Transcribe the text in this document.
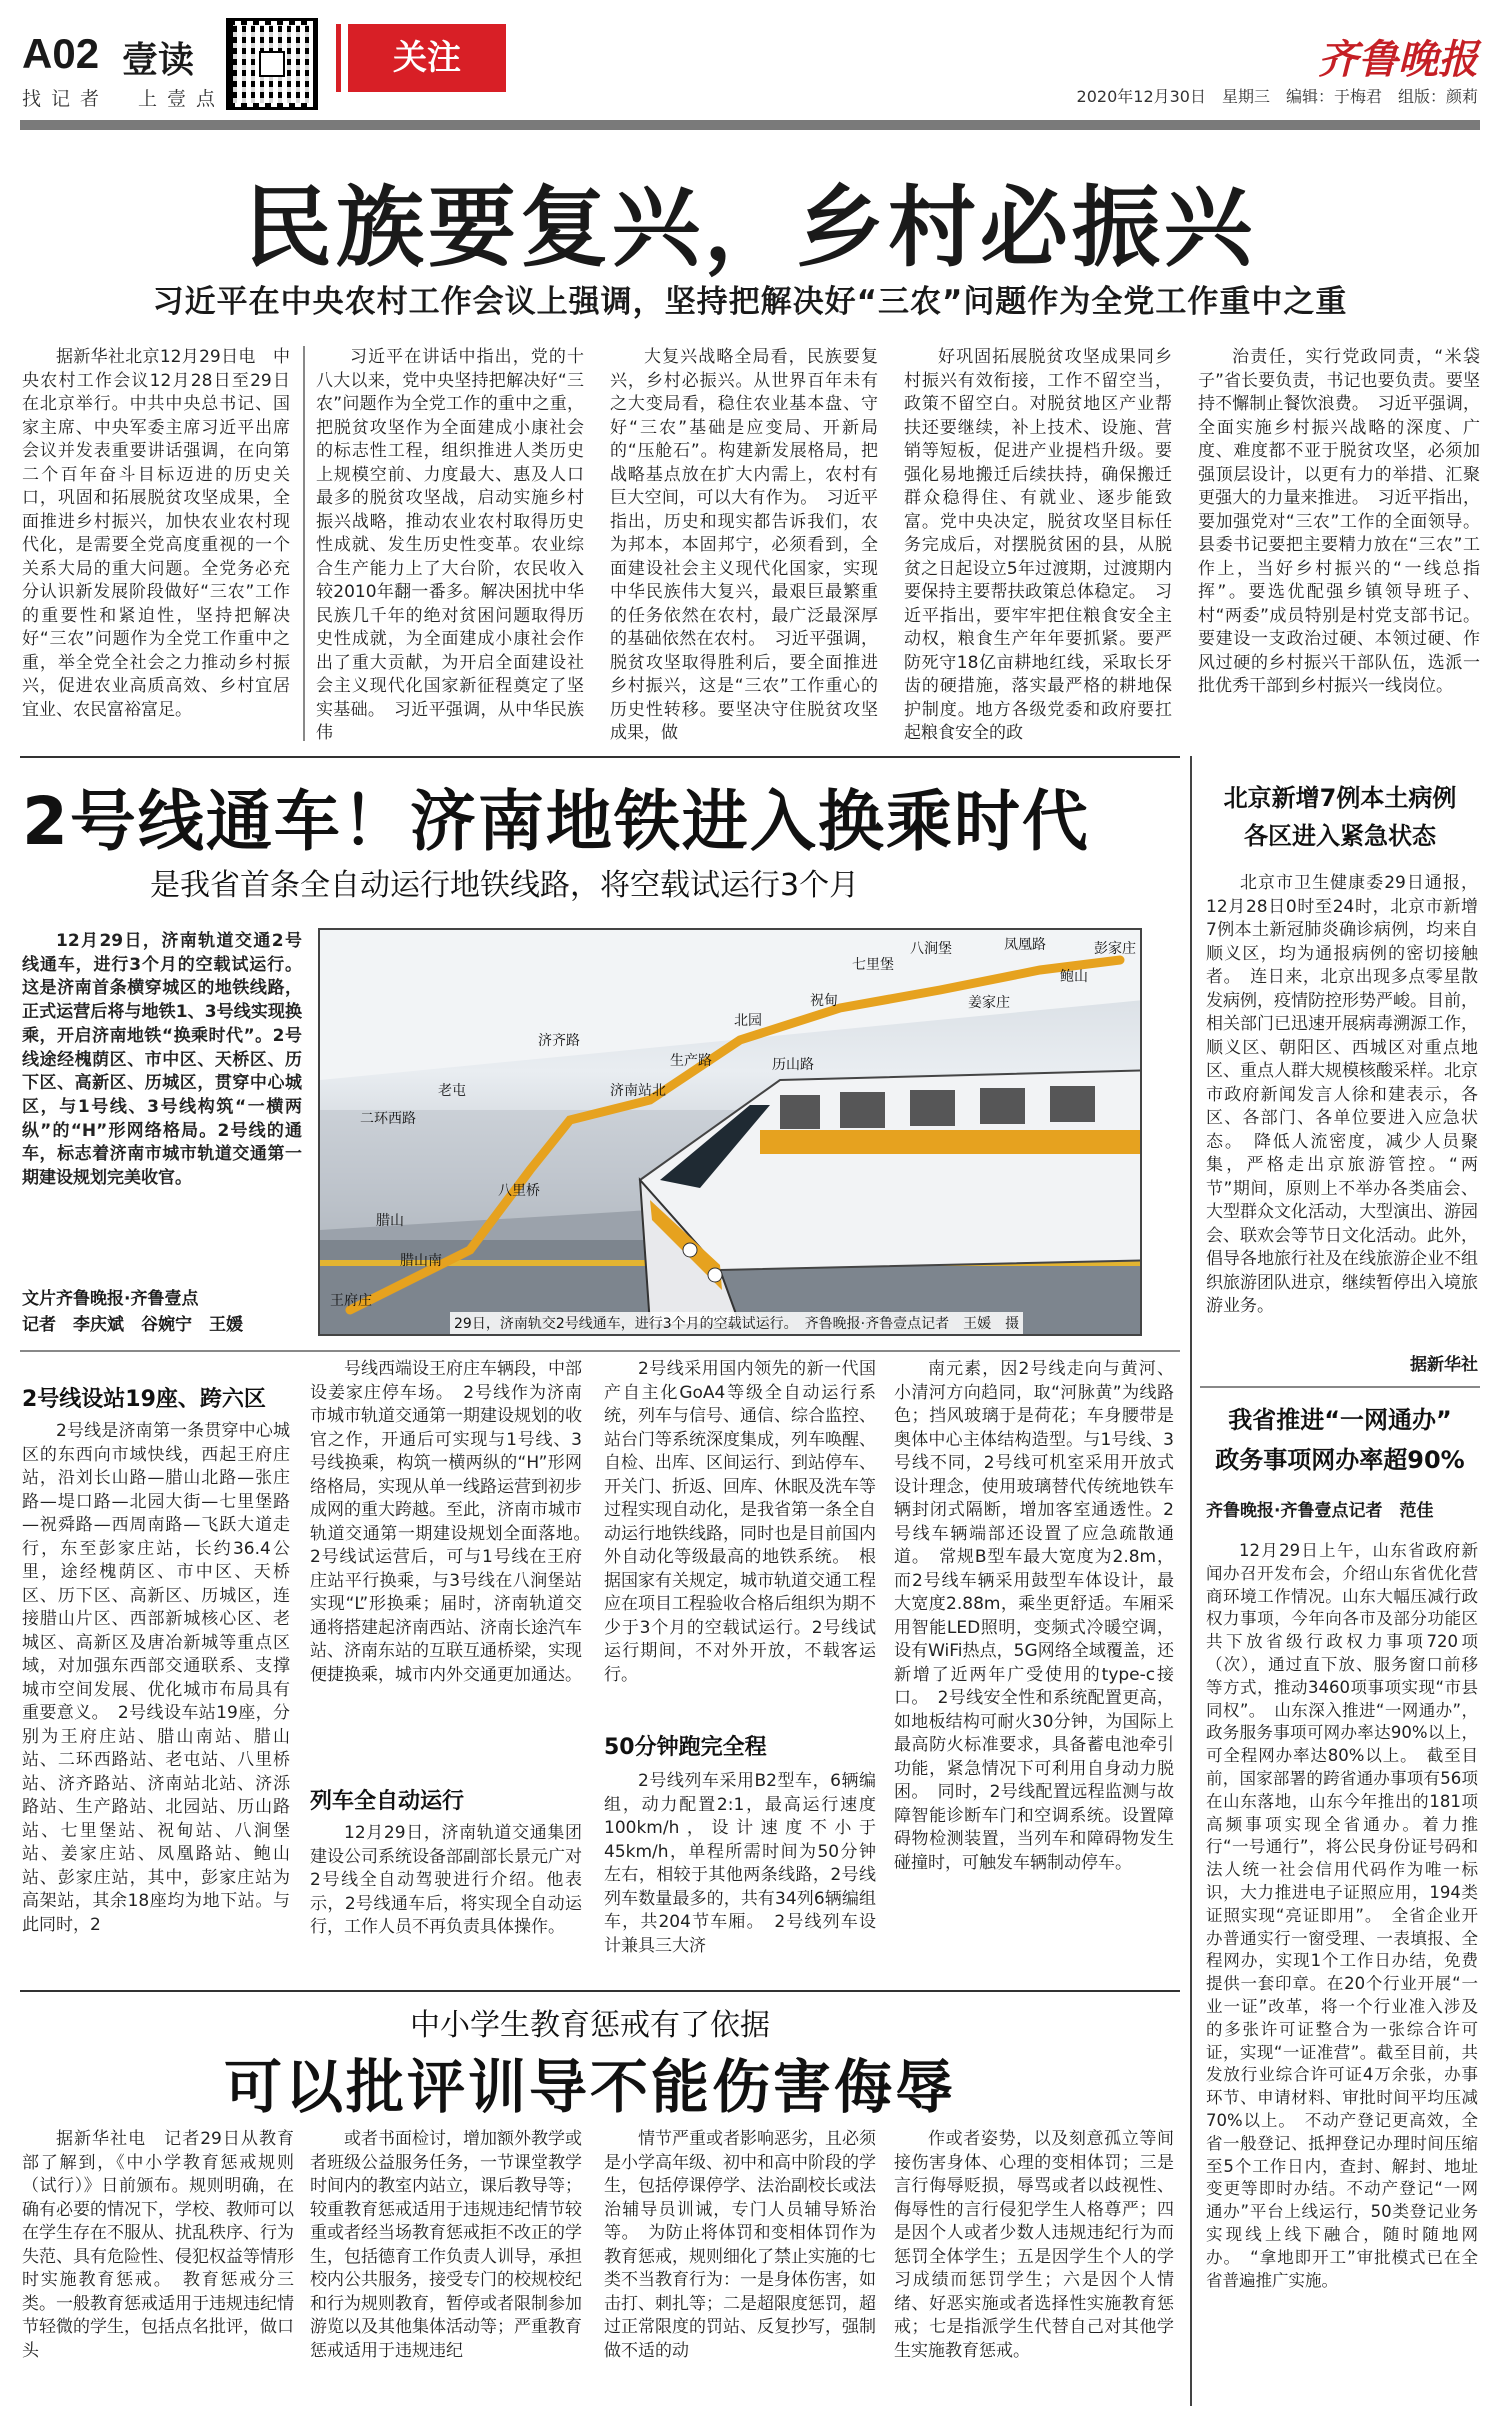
A02 壹读
找记者　上壹点
关注	齐鲁晚报
2020年12月30日　星期三　编辑：于梅君　组版：颜莉
民族要复兴，乡村必振兴
习近平在中央农村工作会议上强调，坚持把解决好“三农”问题作为全党工作重中之重

据新华社北京12月29日电　中央农村工作会议12月28日至29日在北京举行。中共中央总书记、国家主席、中央军委主席习近平出席会议并发表重要讲话强调，在向第二个百年奋斗目标迈进的历史关口，巩固和拓展脱贫攻坚成果，全面推进乡村振兴，加快农业农村现代化，是需要全党高度重视的一个关系大局的重大问题。全党务必充分认识新发展阶段做好“三农”工作的重要性和紧迫性，坚持把解决好“三农”问题作为全党工作重中之重，举全党全社会之力推动乡村振兴，促进农业高质高效、乡村宜居宜业、农民富裕富足。

习近平在讲话中指出，党的十八大以来，党中央坚持把解决好“三农”问题作为全党工作的重中之重，把脱贫攻坚作为全面建成小康社会的标志性工程，组织推进人类历史上规模空前、力度最大、惠及人口最多的脱贫攻坚战，启动实施乡村振兴战略，推动农业农村取得历史性成就、发生历史性变革。农业综合生产能力上了大台阶，农民收入较2010年翻一番多。解决困扰中华民族几千年的绝对贫困问题取得历史性成就，为全面建成小康社会作出了重大贡献，为开启全面建设社会主义现代化国家新征程奠定了坚实基础。　习近平强调，从中华民族伟

大复兴战略全局看，民族要复兴，乡村必振兴。从世界百年未有之大变局看，稳住农业基本盘、守好“三农”基础是应变局、开新局的“压舱石”。构建新发展格局，把战略基点放在扩大内需上，农村有巨大空间，可以大有作为。　习近平指出，历史和现实都告诉我们，农为邦本，本固邦宁，必须看到，全面建设社会主义现代化国家，实现中华民族伟大复兴，最艰巨最繁重的任务依然在农村，最广泛最深厚的基础依然在农村。　习近平强调，脱贫攻坚取得胜利后，要全面推进乡村振兴，这是“三农”工作重心的历史性转移。要坚决守住脱贫攻坚成果，做

好巩固拓展脱贫攻坚成果同乡村振兴有效衔接，工作不留空当，政策不留空白。对脱贫地区产业帮扶还要继续，补上技术、设施、营销等短板，促进产业提档升级。要强化易地搬迁后续扶持，确保搬迁群众稳得住、有就业、逐步能致富。党中央决定，脱贫攻坚目标任务完成后，对摆脱贫困的县，从脱贫之日起设立5年过渡期，过渡期内要保持主要帮扶政策总体稳定。　习近平指出，要牢牢把住粮食安全主动权，粮食生产年年要抓紧。要严防死守18亿亩耕地红线，采取长牙齿的硬措施，落实最严格的耕地保护制度。地方各级党委和政府要扛起粮食安全的政

治责任，实行党政同责，“米袋子”省长要负责，书记也要负责。要坚持不懈制止餐饮浪费。　习近平强调，全面实施乡村振兴战略的深度、广度、难度都不亚于脱贫攻坚，必须加强顶层设计，以更有力的举措、汇聚更强大的力量来推进。　习近平指出，要加强党对“三农”工作的全面领导。县委书记要把主要精力放在“三农”工作上，当好乡村振兴的“一线总指挥”。要选优配强乡镇领导班子、村“两委”成员特别是村党支部书记。要建设一支政治过硬、本领过硬、作风过硬的乡村振兴干部队伍，选派一批优秀干部到乡村振兴一线岗位。

2号线通车！济南地铁进入换乘时代
是我省首条全自动运行地铁线路，将空载试运行3个月

12月29日，济南轨道交通2号线通车，进行3个月的空载试运行。这是济南首条横穿城区的地铁线路，正式运营后将与地铁1、3号线实现换乘，开启济南地铁“换乘时代”。2号线途经槐荫区、市中区、天桥区、历下区、高新区、历城区，贯穿中心城区，与1号线、3号线构筑“一横两纵”的“H”形网络格局。2号线的通车，标志着济南市城市轨道交通第一期建设规划完美收官。

文片齐鲁晚报·齐鲁壹点
记者　李庆斌　谷婉宁　王媛
王府庄
腊山南
腊山
二环西路
老屯
八里桥
济齐路
济南站北
生产路
北园
历山路
祝甸
七里堡
八涧堡
姜家庄
凤凰路
鲍山
彭家庄
29日，济南轨交2号线通车，进行3个月的空载试运行。　齐鲁晚报·齐鲁壹点记者　王媛　摄
2号线设站19座、跨六区

2号线是济南第一条贯穿中心城区的东西向市域快线，西起王府庄站，沿刘长山路—腊山北路—张庄路—堤口路—北园大街—七里堡路—祝舜路—西周南路—飞跃大道走行，东至彭家庄站，长约36.4公里，途经槐荫区、市中区、天桥区、历下区、高新区、历城区，连接腊山片区、西部新城核心区、老城区、高新区及唐冶新城等重点区域，对加强东西部交通联系、支撑城市空间发展、优化城市布局具有重要意义。　2号线设车站19座，分别为王府庄站、腊山南站、腊山站、二环西路站、老屯站、八里桥站、济齐路站、济南站北站、济泺路站、生产路站、北园站、历山路站、七里堡站、祝甸站、八涧堡站、姜家庄站、凤凰路站、鲍山站、彭家庄站，其中，彭家庄站为高架站，其余18座均为地下站。与此同时，2

号线西端设王府庄车辆段，中部设姜家庄停车场。　2号线作为济南市城市轨道交通第一期建设规划的收官之作，开通后可实现与1号线、3号线换乘，构筑一横两纵的“H”形网络格局，实现从单一线路运营到初步成网的重大跨越。至此，济南市城市轨道交通第一期建设规划全面落地。　2号线试运营后，可与1号线在王府庄站平行换乘，与3号线在八涧堡站实现“L”形换乘；届时，济南轨道交通将搭建起济南西站、济南长途汽车站、济南东站的互联互通桥梁，实现便捷换乘，城市内外交通更加通达。

列车全自动运行

12月29日，济南轨道交通集团建设公司系统设备部副部长景元广对2号线全自动驾驶进行介绍。他表示，2号线通车后，将实现全自动运行，工作人员不再负责具体操作。

2号线采用国内领先的新一代国产自主化GoA4等级全自动运行系统，列车与信号、通信、综合监控、站台门等系统深度集成，列车唤醒、自检、出库、区间运行、到站停车、开关门、折返、回库、休眠及洗车等过程实现自动化，是我省第一条全自动运行地铁线路，同时也是目前国内外自动化等级最高的地铁系统。　根据国家有关规定，城市轨道交通工程应在项目工程验收合格后组织为期不少于3个月的空载试运行。2号线试运行期间，不对外开放，不载客运行。

50分钟跑完全程

2号线列车采用B2型车，6辆编组，动力配置2:1，最高运行速度100km/h，设计速度不小于45km/h，单程所需时间为50分钟左右，相较于其他两条线路，2号线列车数量最多的，共有34列6辆编组车，共204节车厢。　2号线列车设计兼具三大济

南元素，因2号线走向与黄河、小清河方向趋同，取“河脉黄”为线路色；挡风玻璃于是荷花；车身腰带是奥体中心主体结构造型。与1号线、3号线不同，2号线可机室采用开放式设计理念，使用玻璃替代传统地铁车辆封闭式隔断，增加客室通透性。2号线车辆端部还设置了应急疏散通道。　常规B型车最大宽度为2.8m，而2号线车辆采用鼓型车体设计，最大宽度2.88m，乘坐更舒适。车厢采用智能LED照明，变频式冷暖空调，设有WiFi热点，5G网络全域覆盖，还新增了近两年广受使用的type-c接口。　2号线安全性和系统配置更高，如地板结构可耐火30分钟，为国际上最高防火标准要求，具备蓄电池牵引功能，紧急情况下可利用自身动力脱困。　同时，2号线配置远程监测与故障智能诊断车门和空调系统。设置障碍物检测装置，当列车和障碍物发生碰撞时，可触发车辆制动停车。

中小学生教育惩戒有了依据
可以批评训导不能伤害侮辱

据新华社电　记者29日从教育部了解到，《中小学教育惩戒规则（试行）》日前颁布。规则明确，在确有必要的情况下，学校、教师可以在学生存在不服从、扰乱秩序、行为失范、具有危险性、侵犯权益等情形时实施教育惩戒。　教育惩戒分三类。一般教育惩戒适用于违规违纪情节轻微的学生，包括点名批评，做口头

或者书面检讨，增加额外教学或者班级公益服务任务，一节课堂教学时间内的教室内站立，课后教导等；较重教育惩戒适用于违规违纪情节较重或者经当场教育惩戒拒不改正的学生，包括德育工作负责人训导，承担校内公共服务，接受专门的校规校纪和行为规则教育，暂停或者限制参加游览以及其他集体活动等；严重教育惩戒适用于违规违纪

情节严重或者影响恶劣，且必须是小学高年级、初中和高中阶段的学生，包括停课停学、法治副校长或法治辅导员训诫，专门人员辅导矫治等。　为防止将体罚和变相体罚作为教育惩戒，规则细化了禁止实施的七类不当教育行为：一是身体伤害，如击打、刺扎等；二是超限度惩罚，超过正常限度的罚站、反复抄写，强制做不适的动

作或者姿势，以及刻意孤立等间接伤害身体、心理的变相体罚；三是言行侮辱贬损，辱骂或者以歧视性、侮辱性的言行侵犯学生人格尊严；四是因个人或者少数人违规违纪行为而惩罚全体学生；五是因学生个人的学习成绩而惩罚学生；六是因个人情绪、好恶实施或者选择性实施教育惩戒；七是指派学生代替自己对其他学生实施教育惩戒。

北京新增7例本土病例
各区进入紧急状态

北京市卫生健康委29日通报，12月28日0时至24时，北京市新增7例本土新冠肺炎确诊病例，均来自顺义区，均为通报病例的密切接触者。　连日来，北京出现多点零星散发病例，疫情防控形势严峻。目前，相关部门已迅速开展病毒溯源工作，顺义区、朝阳区、西城区对重点地区、重点人群大规模核酸采样。北京市政府新闻发言人徐和建表示，各区、各部门、各单位要进入应急状态。　降低人流密度，减少人员聚集，严格走出京旅游管控。“两节”期间，原则上不举办各类庙会、大型群众文化活动，大型演出、游园会、联欢会等节日文化活动。此外，倡导各地旅行社及在线旅游企业不组织旅游团队进京，继续暂停出入境旅游业务。

据新华社
我省推进“一网通办”
政务事项网办率超90%
齐鲁晚报·齐鲁壹点记者　范佳

12月29日上午，山东省政府新闻办召开发布会，介绍山东省优化营商环境工作情况。山东大幅压减行政权力事项，今年向各市及部分功能区共下放省级行政权力事项720项（次），通过直下放、服务窗口前移等方式，推动3460项事项实现“市县同权”。　山东深入推进“一网通办”，政务服务事项可网办率达90%以上，可全程网办率达80%以上。　截至目前，国家部署的跨省通办事项有56项在山东落地，山东今年推出的181项高频事项实现全省通办。着力推行“一号通行”，将公民身份证号码和法人统一社会信用代码作为唯一标识，大力推进电子证照应用，194类证照实现“亮证即用”。　全省企业开办普通实行一窗受理、一表填报、全程网办，实现1个工作日办结，免费提供一套印章。在20个行业开展“一业一证”改革，将一个行业准入涉及的多张许可证整合为一张综合许可证，实现“一证准营”。截至目前，共发放行业综合许可证4万余张，办事环节、申请材料、审批时间平均压减70%以上。　不动产登记更高效，全省一般登记、抵押登记办理时间压缩至5个工作日内，查封、解封、地址变更等即时办结。不动产登记“一网通办”平台上线运行，50类登记业务实现线上线下融合，随时随地网办。　“拿地即开工”审批模式已在全省普遍推广实施。
